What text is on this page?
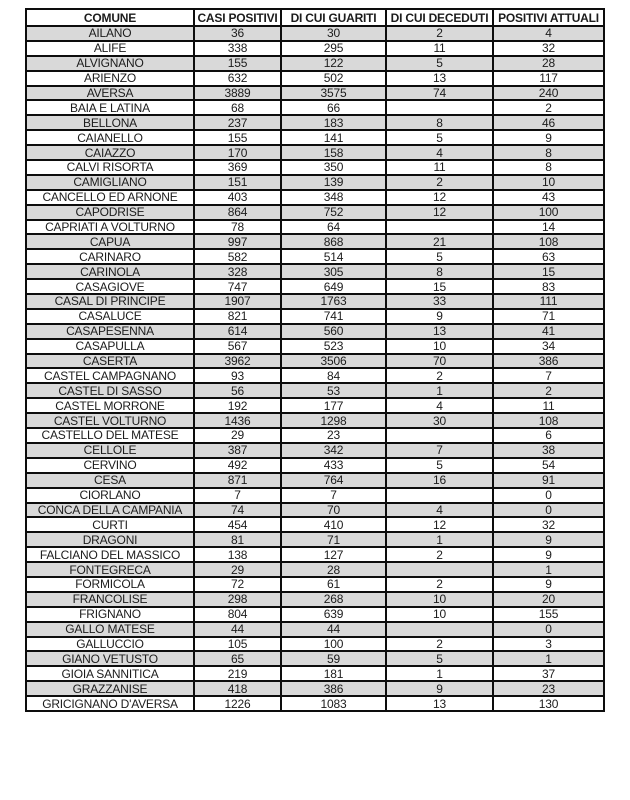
COMUNE	CASI POSITIVI	DI CUI GUARITI	DI CUI DECEDUTI	POSITIVI ATTUALI
AILANO	36	30	2	4
ALIFE	338	295	11	32
ALVIGNANO	155	122	5	28
ARIENZO	632	502	13	117
AVERSA	3889	3575	74	240
BAIA E LATINA	68	66		2
BELLONA	237	183	8	46
CAIANELLO	155	141	5	9
CAIAZZO	170	158	4	8
CALVI RISORTA	369	350	11	8
CAMIGLIANO	151	139	2	10
CANCELLO ED ARNONE	403	348	12	43
CAPODRISE	864	752	12	100
CAPRIATI A VOLTURNO	78	64		14
CAPUA	997	868	21	108
CARINARO	582	514	5	63
CARINOLA	328	305	8	15
CASAGIOVE	747	649	15	83
CASAL DI PRINCIPE	1907	1763	33	111
CASALUCE	821	741	9	71
CASAPESENNA	614	560	13	41
CASAPULLA	567	523	10	34
CASERTA	3962	3506	70	386
CASTEL CAMPAGNANO	93	84	2	7
CASTEL DI SASSO	56	53	1	2
CASTEL MORRONE	192	177	4	11
CASTEL VOLTURNO	1436	1298	30	108
CASTELLO DEL MATESE	29	23		6
CELLOLE	387	342	7	38
CERVINO	492	433	5	54
CESA	871	764	16	91
CIORLANO	7	7		0
CONCA DELLA CAMPANIA	74	70	4	0
CURTI	454	410	12	32
DRAGONI	81	71	1	9
FALCIANO DEL MASSICO	138	127	2	9
FONTEGRECA	29	28		1
FORMICOLA	72	61	2	9
FRANCOLISE	298	268	10	20
FRIGNANO	804	639	10	155
GALLO MATESE	44	44		0
GALLUCCIO	105	100	2	3
GIANO VETUSTO	65	59	5	1
GIOIA SANNITICA	219	181	1	37
GRAZZANISE	418	386	9	23
GRICIGNANO D'AVERSA	1226	1083	13	130
